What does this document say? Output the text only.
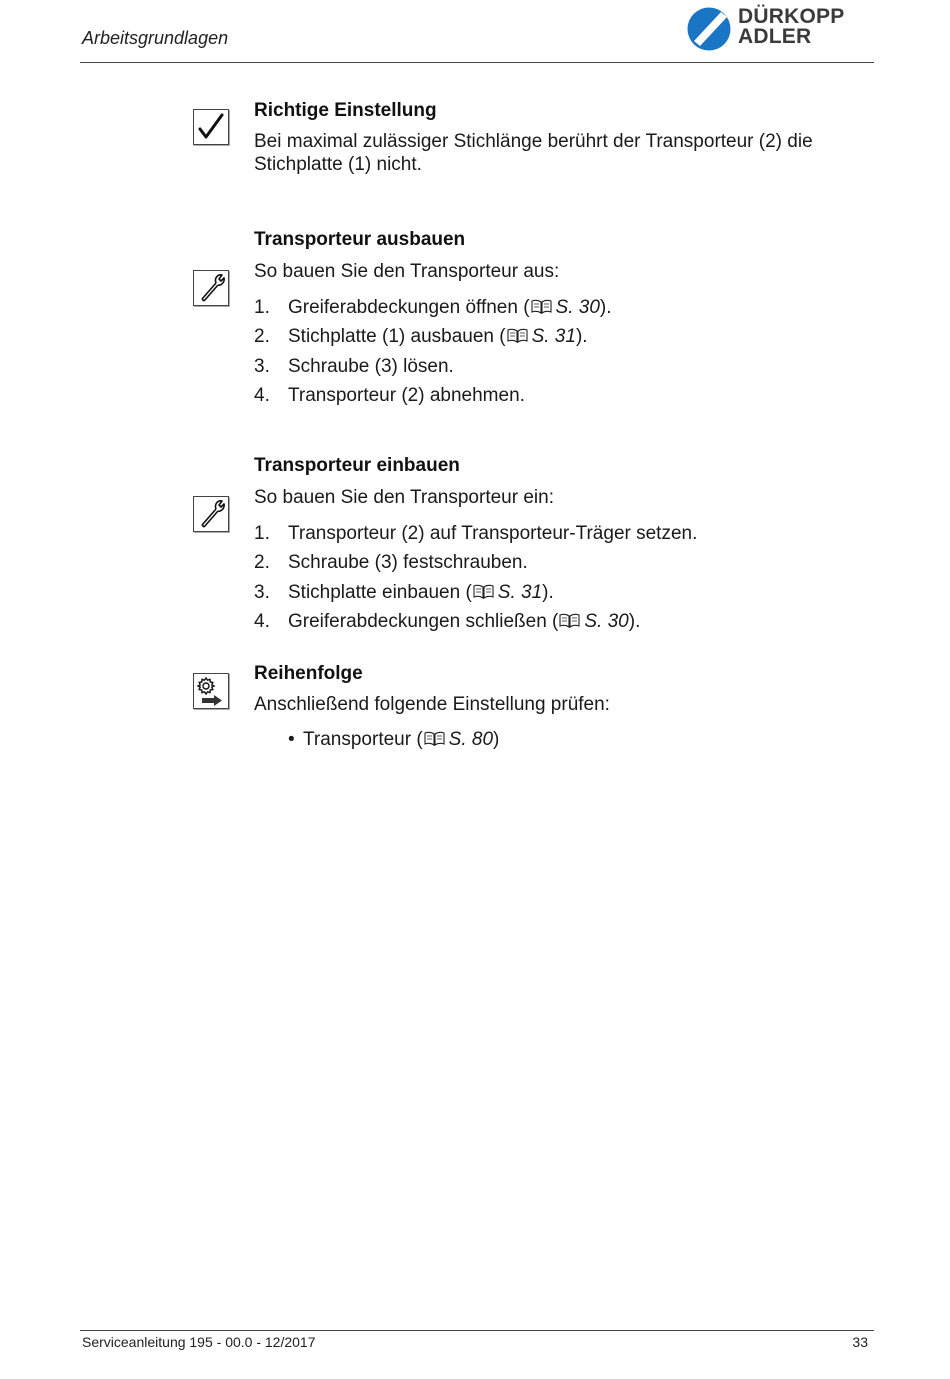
Arbeitsgrundlagen
DÜRKOPP
ADLER
Richtige Einstellung
Bei maximal zulässiger Stichlänge berührt der Transporteur (2) die
Stichplatte (1) nicht.
Transporteur ausbauen
So bauen Sie den Transporteur aus:
1. Greiferabdeckungen öffnen ( S. 30).
2. Stichplatte (1) ausbauen ( S. 31).
3. Schraube (3) lösen.
4. Transporteur (2) abnehmen.
Transporteur einbauen
So bauen Sie den Transporteur ein:
1. Transporteur (2) auf Transporteur-Träger setzen.
2. Schraube (3) festschrauben.
3. Stichplatte einbauen ( S. 31).
4. Greiferabdeckungen schließen ( S. 30).
Reihenfolge
Anschließend folgende Einstellung prüfen:
• Transporteur ( S. 80)
Serviceanleitung 195 - 00.0 - 12/2017	33
